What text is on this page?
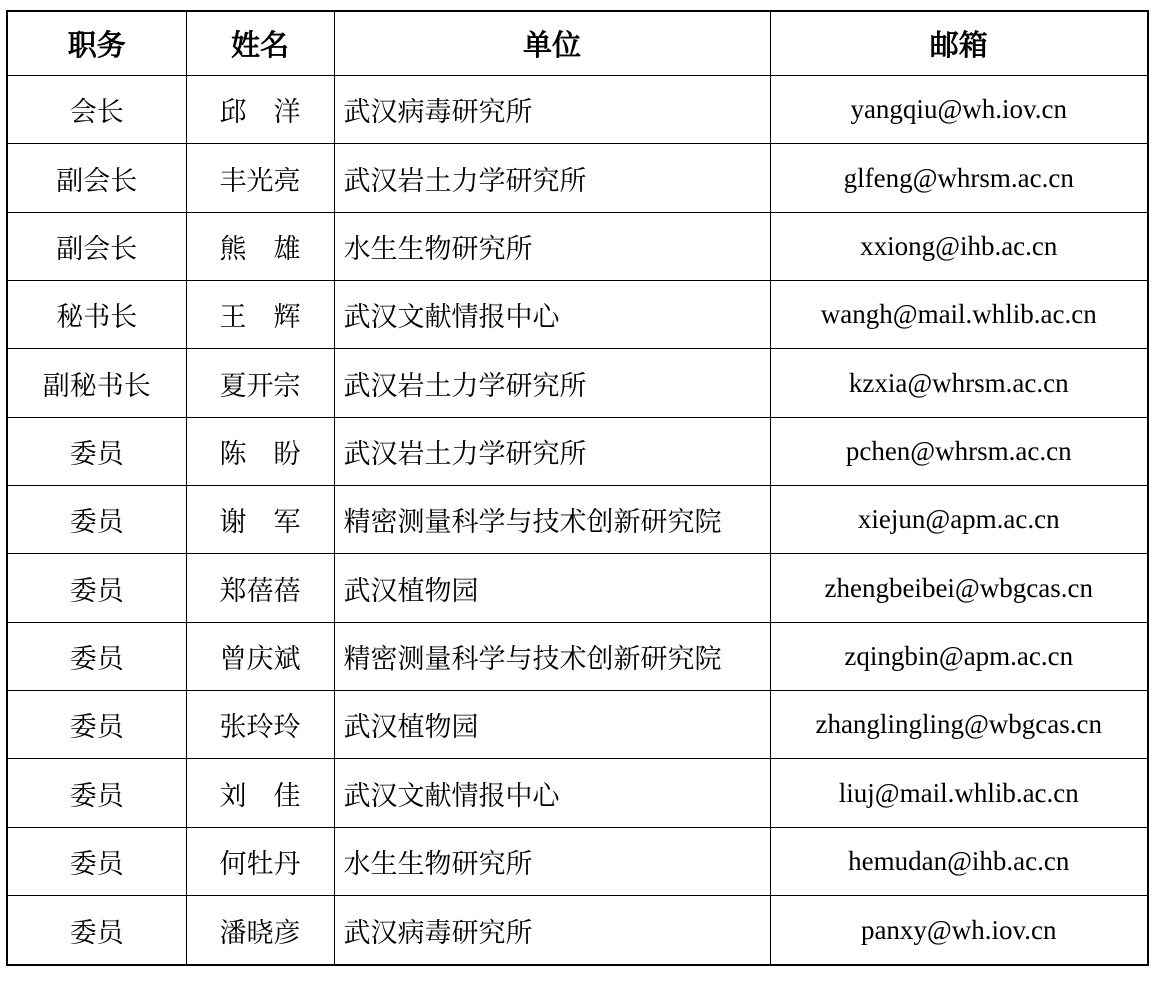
职务	姓名	单位	邮箱
会长	邱　洋	武汉病毒研究所	yangqiu@wh.iov.cn
副会长	丰光亮	武汉岩土力学研究所	glfeng@whrsm.ac.cn
副会长	熊　雄	水生生物研究所	xxiong@ihb.ac.cn
秘书长	王　辉	武汉文献情报中心	wangh@mail.whlib.ac.cn
副秘书长	夏开宗	武汉岩土力学研究所	kzxia@whrsm.ac.cn
委员	陈　盼	武汉岩土力学研究所	pchen@whrsm.ac.cn
委员	谢　军	精密测量科学与技术创新研究院	xiejun@apm.ac.cn
委员	郑蓓蓓	武汉植物园	zhengbeibei@wbgcas.cn
委员	曾庆斌	精密测量科学与技术创新研究院	zqingbin@apm.ac.cn
委员	张玲玲	武汉植物园	zhanglingling@wbgcas.cn
委员	刘　佳	武汉文献情报中心	liuj@mail.whlib.ac.cn
委员	何牡丹	水生生物研究所	hemudan@ihb.ac.cn
委员	潘晓彦	武汉病毒研究所	panxy@wh.iov.cn
